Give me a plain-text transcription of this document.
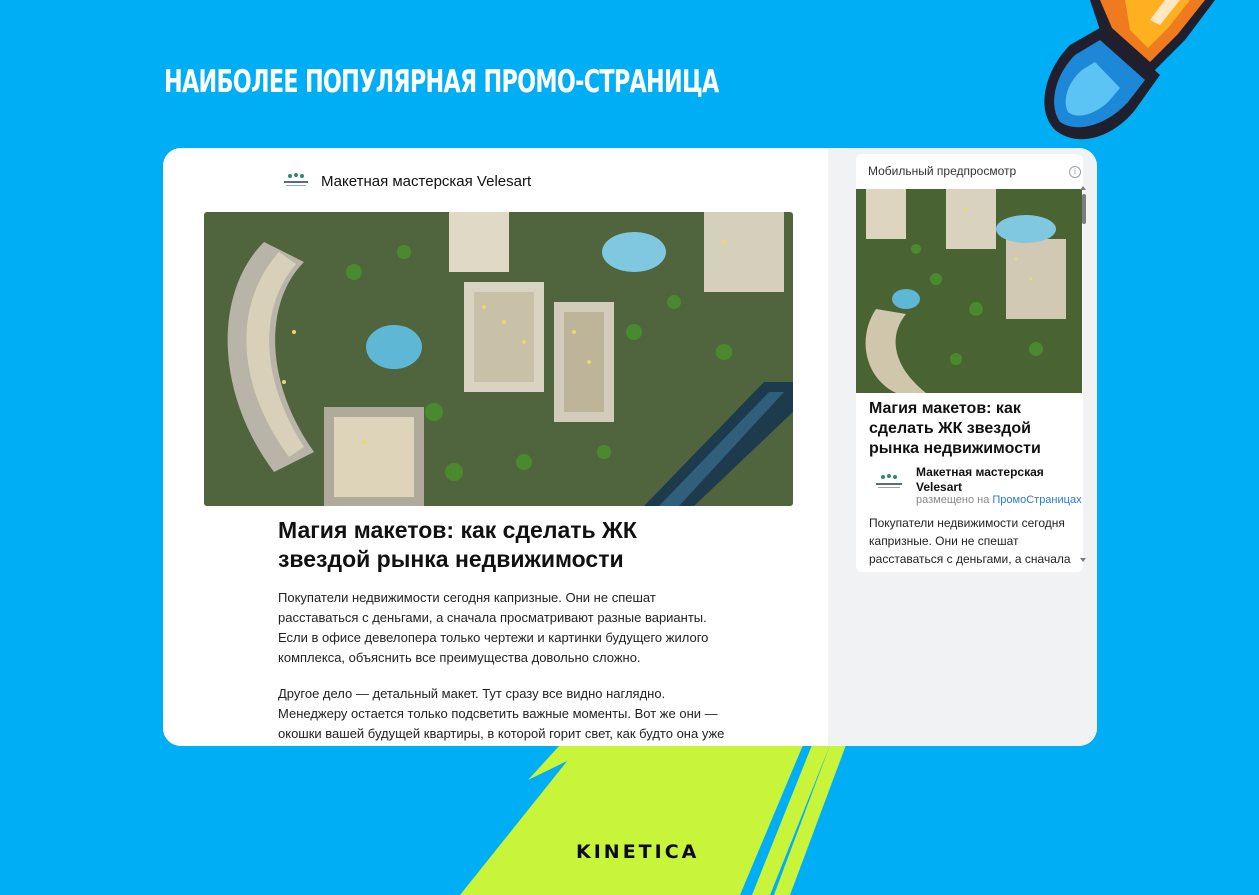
НАИБОЛЕЕ ПОПУЛЯРНАЯ ПРОМО-СТРАНИЦА
Макетная мастерская Velesart
Магия макетов: как сделать ЖК звездой рынка недвижимости
Покупатели недвижимости сегодня капризные. Они не спешат расставаться с деньгами, а сначала просматривают разные варианты. Если в офисе девелопера только чертежи и картинки будущего жилого комплекса, объяснить все преимущества довольно сложно.
Другое дело — детальный макет. Тут сразу все видно наглядно. Менеджеру остается только подсветить важные моменты. Вот же они — окошки вашей будущей квартиры, в которой горит свет, как будто она уже
Мобильный предпросмотр	i
Магия макетов: как сделать ЖК звездой рынка недвижимости
Макетная мастерская Velesart
размещено на ПромоСтраницах
Покупатели недвижимости сегодня капризные. Они не спешат расставаться с деньгами, а сначала
KINETICA
